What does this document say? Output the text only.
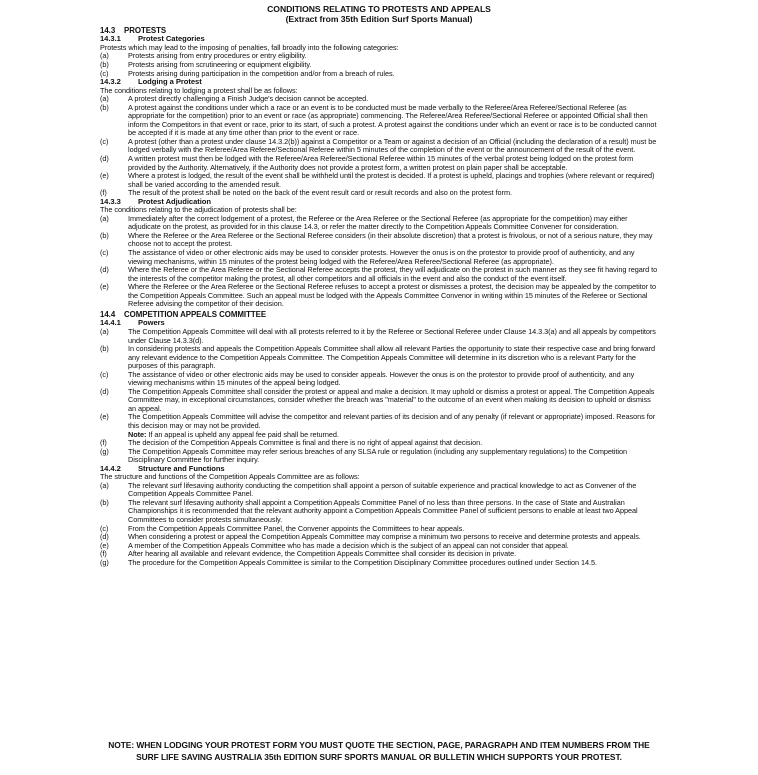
CONDITIONS RELATING TO PROTESTS AND APPEALS
(Extract from 35th Edition Surf Sports Manual)
14.3 PROTESTS
14.3.1 Protest Categories
Protests which may lead to the imposing of penalties, fall broadly into the following categories:
(a)	Protests arising from entry procedures or entry eligibility.
(b)	Protests arising from scrutineering or equipment eligibility.
(c)	Protests arising during participation in the competition and/or from a breach of rules.
14.3.2 Lodging a Protest
The conditions relating to lodging a protest shall be as follows:
(a)	A protest directly challenging a Finish Judge's decision cannot be accepted.
(b)	A protest against the conditions under which a race or an event is to be conducted must be made verbally to the Referee/Area Referee/Sectional Referee (as appropriate for the competition) prior to an event or race (as appropriate) commencing. The Referee/Area Referee/Sectional Referee or appointed Official shall then inform the Competitors in that event or race, prior to its start, of such a protest. A protest against the conditions under which an event or race is to be conducted cannot be accepted if it is made at any time other than prior to the event or race.
(c)	A protest (other than a protest under clause 14.3.2(b)) against a Competitor or a Team or against a decision of an Official (including the declaration of a result) must be lodged verbally with the Referee/Area Referee/Sectional Referee within 5 minutes of the completion of the event or the announcement of the result of the event.
(d)	A written protest must then be lodged with the Referee/Area Referee/Sectional Referee within 15 minutes of the verbal protest being lodged on the protest form provided by the Authority. Alternatively, if the Authority does not provide a protest form, a written protest on plain paper shall be acceptable.
(e)	Where a protest is lodged, the result of the event shall be withheld until the protest is decided. If a protest is upheld, placings and trophies (where relevant or required) shall be varied according to the amended result.
(f)	The result of the protest shall be noted on the back of the event result card or result records and also on the protest form.
14.3.3 Protest Adjudication
The conditions relating to the adjudication of protests shall be:
(a)	Immediately after the correct lodgement of a protest, the Referee or the Area Referee or the Sectional Referee (as appropriate for the competition) may either adjudicate on the protest, as provided for in this clause 14.3, or refer the matter directly to the Competition Appeals Committee Convener for consideration.
(b)	Where the Referee or the Area Referee or the Sectional Referee considers (in their absolute discretion) that a protest is frivolous, or not of a serious nature, they may choose not to accept the protest.
(c)	The assistance of video or other electronic aids may be used to consider protests. However the onus is on the protestor to provide proof of authenticity, and any viewing mechanisms, within 15 minutes of the protest being lodged with the Referee/Area Referee/Sectional Referee (as appropriate).
(d)	Where the Referee or the Area Referee or the Sectional Referee accepts the protest, they will adjudicate on the protest in such manner as they see fit having regard to the interests of the competitor making the protest, all other competitors and all officials in the event and also the conduct of the event itself.
(e)	Where the Referee or the Area Referee or the Sectional Referee refuses to accept a protest or dismisses a protest, the decision may be appealed by the competitor to the Competition Appeals Committee. Such an appeal must be lodged with the Appeals Committee Convenor in writing within 15 minutes of the Referee or Sectional Referee advising the competitor of their decision.
14.4 COMPETITION APPEALS COMMITTEE
14.4.1 Powers
(a)	The Competition Appeals Committee will deal with all protests referred to it by the Referee or Sectional Referee under Clause 14.3.3(a) and all appeals by competitors under Clause 14.3.3(d).
(b)	In considering protests and appeals the Competition Appeals Committee shall allow all relevant Parties the opportunity to state their respective case and bring forward any relevant evidence to the Competition Appeals Committee. The Competition Appeals Committee will determine in its discretion who is a relevant Party for the purposes of this paragraph.
(c)	The assistance of video or other electronic aids may be used to consider appeals. However the onus is on the protestor to provide proof of authenticity, and any viewing mechanisms within 15 minutes of the appeal being lodged.
(d)	The Competition Appeals Committee shall consider the protest or appeal and make a decision. It may uphold or dismiss a protest or appeal. The Competition Appeals Committee may, in exceptional circumstances, consider whether the breach was "material" to the outcome of an event when making its decision to uphold or dismiss an appeal.
(e)	The Competition Appeals Committee will advise the competitor and relevant parties of its decision and of any penalty (if relevant or appropriate) imposed. Reasons for this decision may or may not be provided.
Note: If an appeal is upheld any appeal fee paid shall be returned.
(f)	The decision of the Competition Appeals Committee is final and there is no right of appeal against that decision.
(g)	The Competition Appeals Committee may refer serious breaches of any SLSA rule or regulation (including any supplementary regulations) to the Competition Disciplinary Committee for further inquiry.
14.4.2 Structure and Functions
The structure and functions of the Competition Appeals Committee are as follows:
(a)	The relevant surf lifesaving authority conducting the competition shall appoint a person of suitable experience and practical knowledge to act as Convener of the Competition Appeals Committee Panel.
(b)	The relevant surf lifesaving authority shall appoint a Competition Appeals Committee Panel of no less than three persons. In the case of State and Australian Championships it is recommended that the relevant authority appoint a Competition Appeals Committee Panel of sufficient persons to enable at least two Appeal Committees to consider protests simultaneously.
(c)	From the Competition Appeals Committee Panel, the Convener appoints the Committees to hear appeals.
(d)	When considering a protest or appeal the Competition Appeals Committee may comprise a minimum two persons to receive and determine protests and appeals.
(e)	A member of the Competition Appeals Committee who has made a decision which is the subject of an appeal can not consider that appeal.
(f)	After hearing all available and relevant evidence, the Competition Appeals Committee shall consider its decision in private.
(g)	The procedure for the Competition Appeals Committee is similar to the Competition Disciplinary Committee procedures outlined under Section 14.5.
NOTE: WHEN LODGING YOUR PROTEST FORM YOU MUST QUOTE THE SECTION, PAGE, PARAGRAPH AND ITEM NUMBERS FROM THE SURF LIFE SAVING AUSTRALIA 35th EDITION SURF SPORTS MANUAL OR BULLETIN WHICH SUPPORTS YOUR PROTEST.
